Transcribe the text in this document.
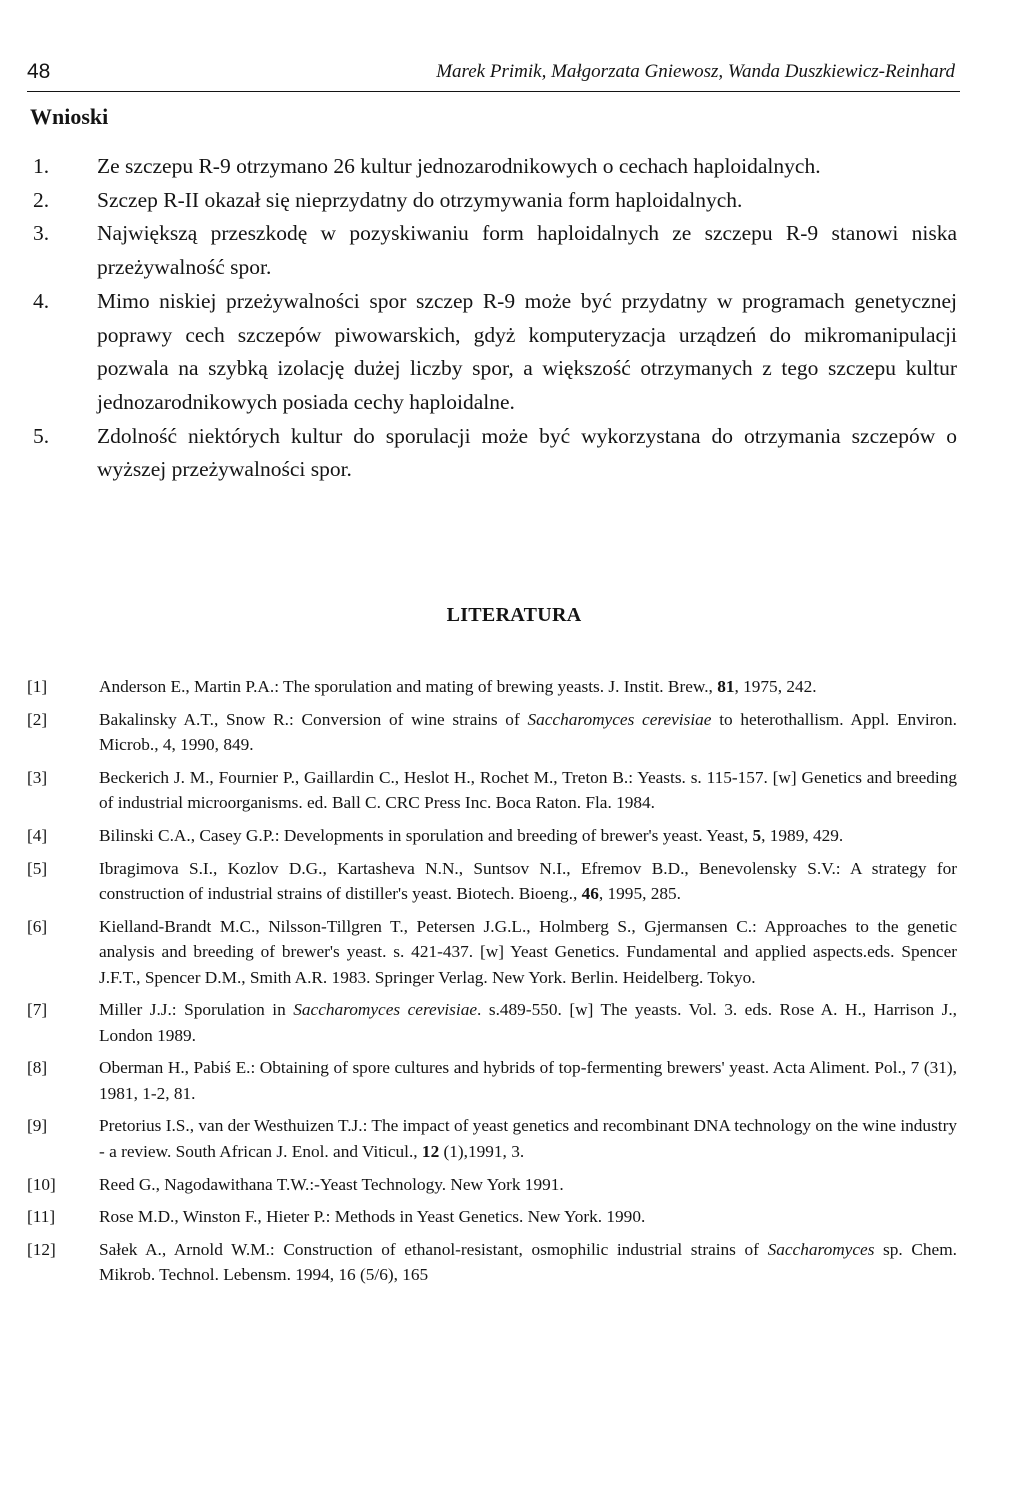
48	Marek Primik, Małgorzata Gniewosz, Wanda Duszkiewicz-Reinhard
Wnioski
1.	Ze szczepu R-9 otrzymano 26 kultur jednozarodnikowych o cechach haploidalnych.
2.	Szczep R-II okazał się nieprzydatny do otrzymywania form haploidalnych.
3.	Największą przeszkodę w pozyskiwaniu form haploidalnych ze szczepu R-9 stanowi niska przeżywalność spor.
4.	Mimo niskiej przeżywalności spor szczep R-9 może być przydatny w programach genetycznej poprawy cech szczepów piwowarskich, gdyż komputeryzacja urządzeń do mikromanipulacji pozwala na szybką izolację dużej liczby spor, a większość otrzymanych z tego szczepu kultur jednozarodnikowych posiada cechy haploidalne.
5.	Zdolność niektórych kultur do sporulacji może być wykorzystana do otrzymania szczepów o wyższej przeżywalności spor.
LITERATURA
[1]	Anderson E., Martin P.A.: The sporulation and mating of brewing yeasts. J. Instit. Brew., 81, 1975, 242.
[2]	Bakalinsky A.T., Snow R.: Conversion of wine strains of Saccharomyces cerevisiae to heterothallism. Appl. Environ. Microb., 4, 1990, 849.
[3]	Beckerich J. M., Fournier P., Gaillardin C., Heslot H., Rochet M., Treton B.: Yeasts. s. 115-157. [w] Genetics and breeding of industrial microorganisms. ed. Ball C. CRC Press Inc. Boca Raton. Fla. 1984.
[4]	Bilinski C.A., Casey G.P.: Developments in sporulation and breeding of brewer's yeast. Yeast, 5, 1989, 429.
[5]	Ibragimova S.I., Kozlov D.G., Kartasheva N.N., Suntsov N.I., Efremov B.D., Benevolensky S.V.: A strategy for construction of industrial strains of distiller's yeast. Biotech. Bioeng., 46, 1995, 285.
[6]	Kielland-Brandt M.C., Nilsson-Tillgren T., Petersen J.G.L., Holmberg S., Gjermansen C.: Approaches to the genetic analysis and breeding of brewer's yeast. s. 421-437. [w] Yeast Genetics. Fundamental and applied aspects.eds. Spencer J.F.T., Spencer D.M., Smith A.R. 1983. Springer Verlag. New York. Berlin. Heidelberg. Tokyo.
[7]	Miller J.J.: Sporulation in Saccharomyces cerevisiae. s.489-550. [w] The yeasts. Vol. 3. eds. Rose A. H., Harrison J., London 1989.
[8]	Oberman H., Pabiś E.: Obtaining of spore cultures and hybrids of top-fermenting brewers' yeast. Acta Aliment. Pol., 7 (31), 1981, 1-2, 81.
[9]	Pretorius I.S., van der Westhuizen T.J.: The impact of yeast genetics and recombinant DNA technology on the wine industry - a review. South African J. Enol. and Viticul., 12 (1),1991, 3.
[10]	Reed G., Nagodawithana T.W.:-Yeast Technology. New York 1991.
[11]	Rose M.D., Winston F., Hieter P.: Methods in Yeast Genetics. New York. 1990.
[12]	Sałek A., Arnold W.M.: Construction of ethanol-resistant, osmophilic industrial strains of Saccharomyces sp. Chem. Mikrob. Technol. Lebensm. 1994, 16 (5/6), 165
